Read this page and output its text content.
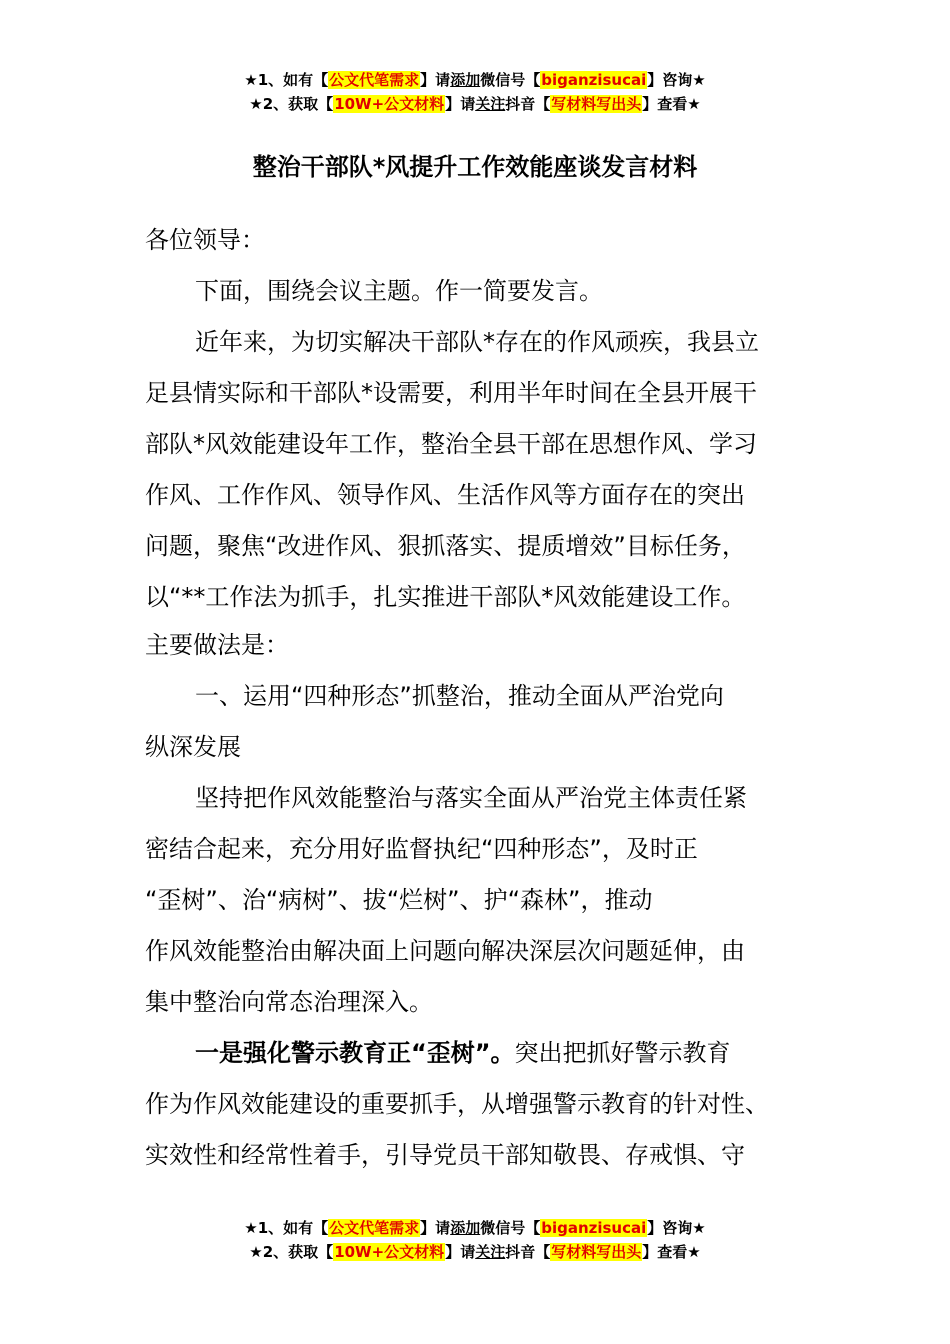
★1、如有【公文代笔需求】请添加微信号【biganzisucai】咨询★
★2、获取【10W+公文材料】请关注抖音【写材料写出头】查看★
整治干部队*风提升工作效能座谈发言材料
各位领导：
下面，围绕会议主题。作一简要发言。
近年来，为切实解决干部队*存在的作风顽疾，我县立
足县情实际和干部队*设需要，利用半年时间在全县开展干
部队*风效能建设年工作，整治全县干部在思想作风、学习
作风、工作作风、领导作风、生活作风等方面存在的突出
问题，聚焦“改进作风、狠抓落实、提质增效”目标任务，
以“**工作法为抓手，扎实推进干部队*风效能建设工作。
主要做法是：
一、运用“四种形态”抓整治，推动全面从严治党向
纵深发展
坚持把作风效能整治与落实全面从严治党主体责任紧
密结合起来，充分用好监督执纪“四种形态”，及时正
“歪树”、治“病树”、拔“烂树”、护“森林”，推动
作风效能整治由解决面上问题向解决深层次问题延伸，由
集中整治向常态治理深入。
一是强化警示教育正“歪树”。突出把抓好警示教育
作为作风效能建设的重要抓手，从增强警示教育的针对性、
实效性和经常性着手，引导党员干部知敬畏、存戒惧、守
★1、如有【公文代笔需求】请添加微信号【biganzisucai】咨询★
★2、获取【10W+公文材料】请关注抖音【写材料写出头】查看★
